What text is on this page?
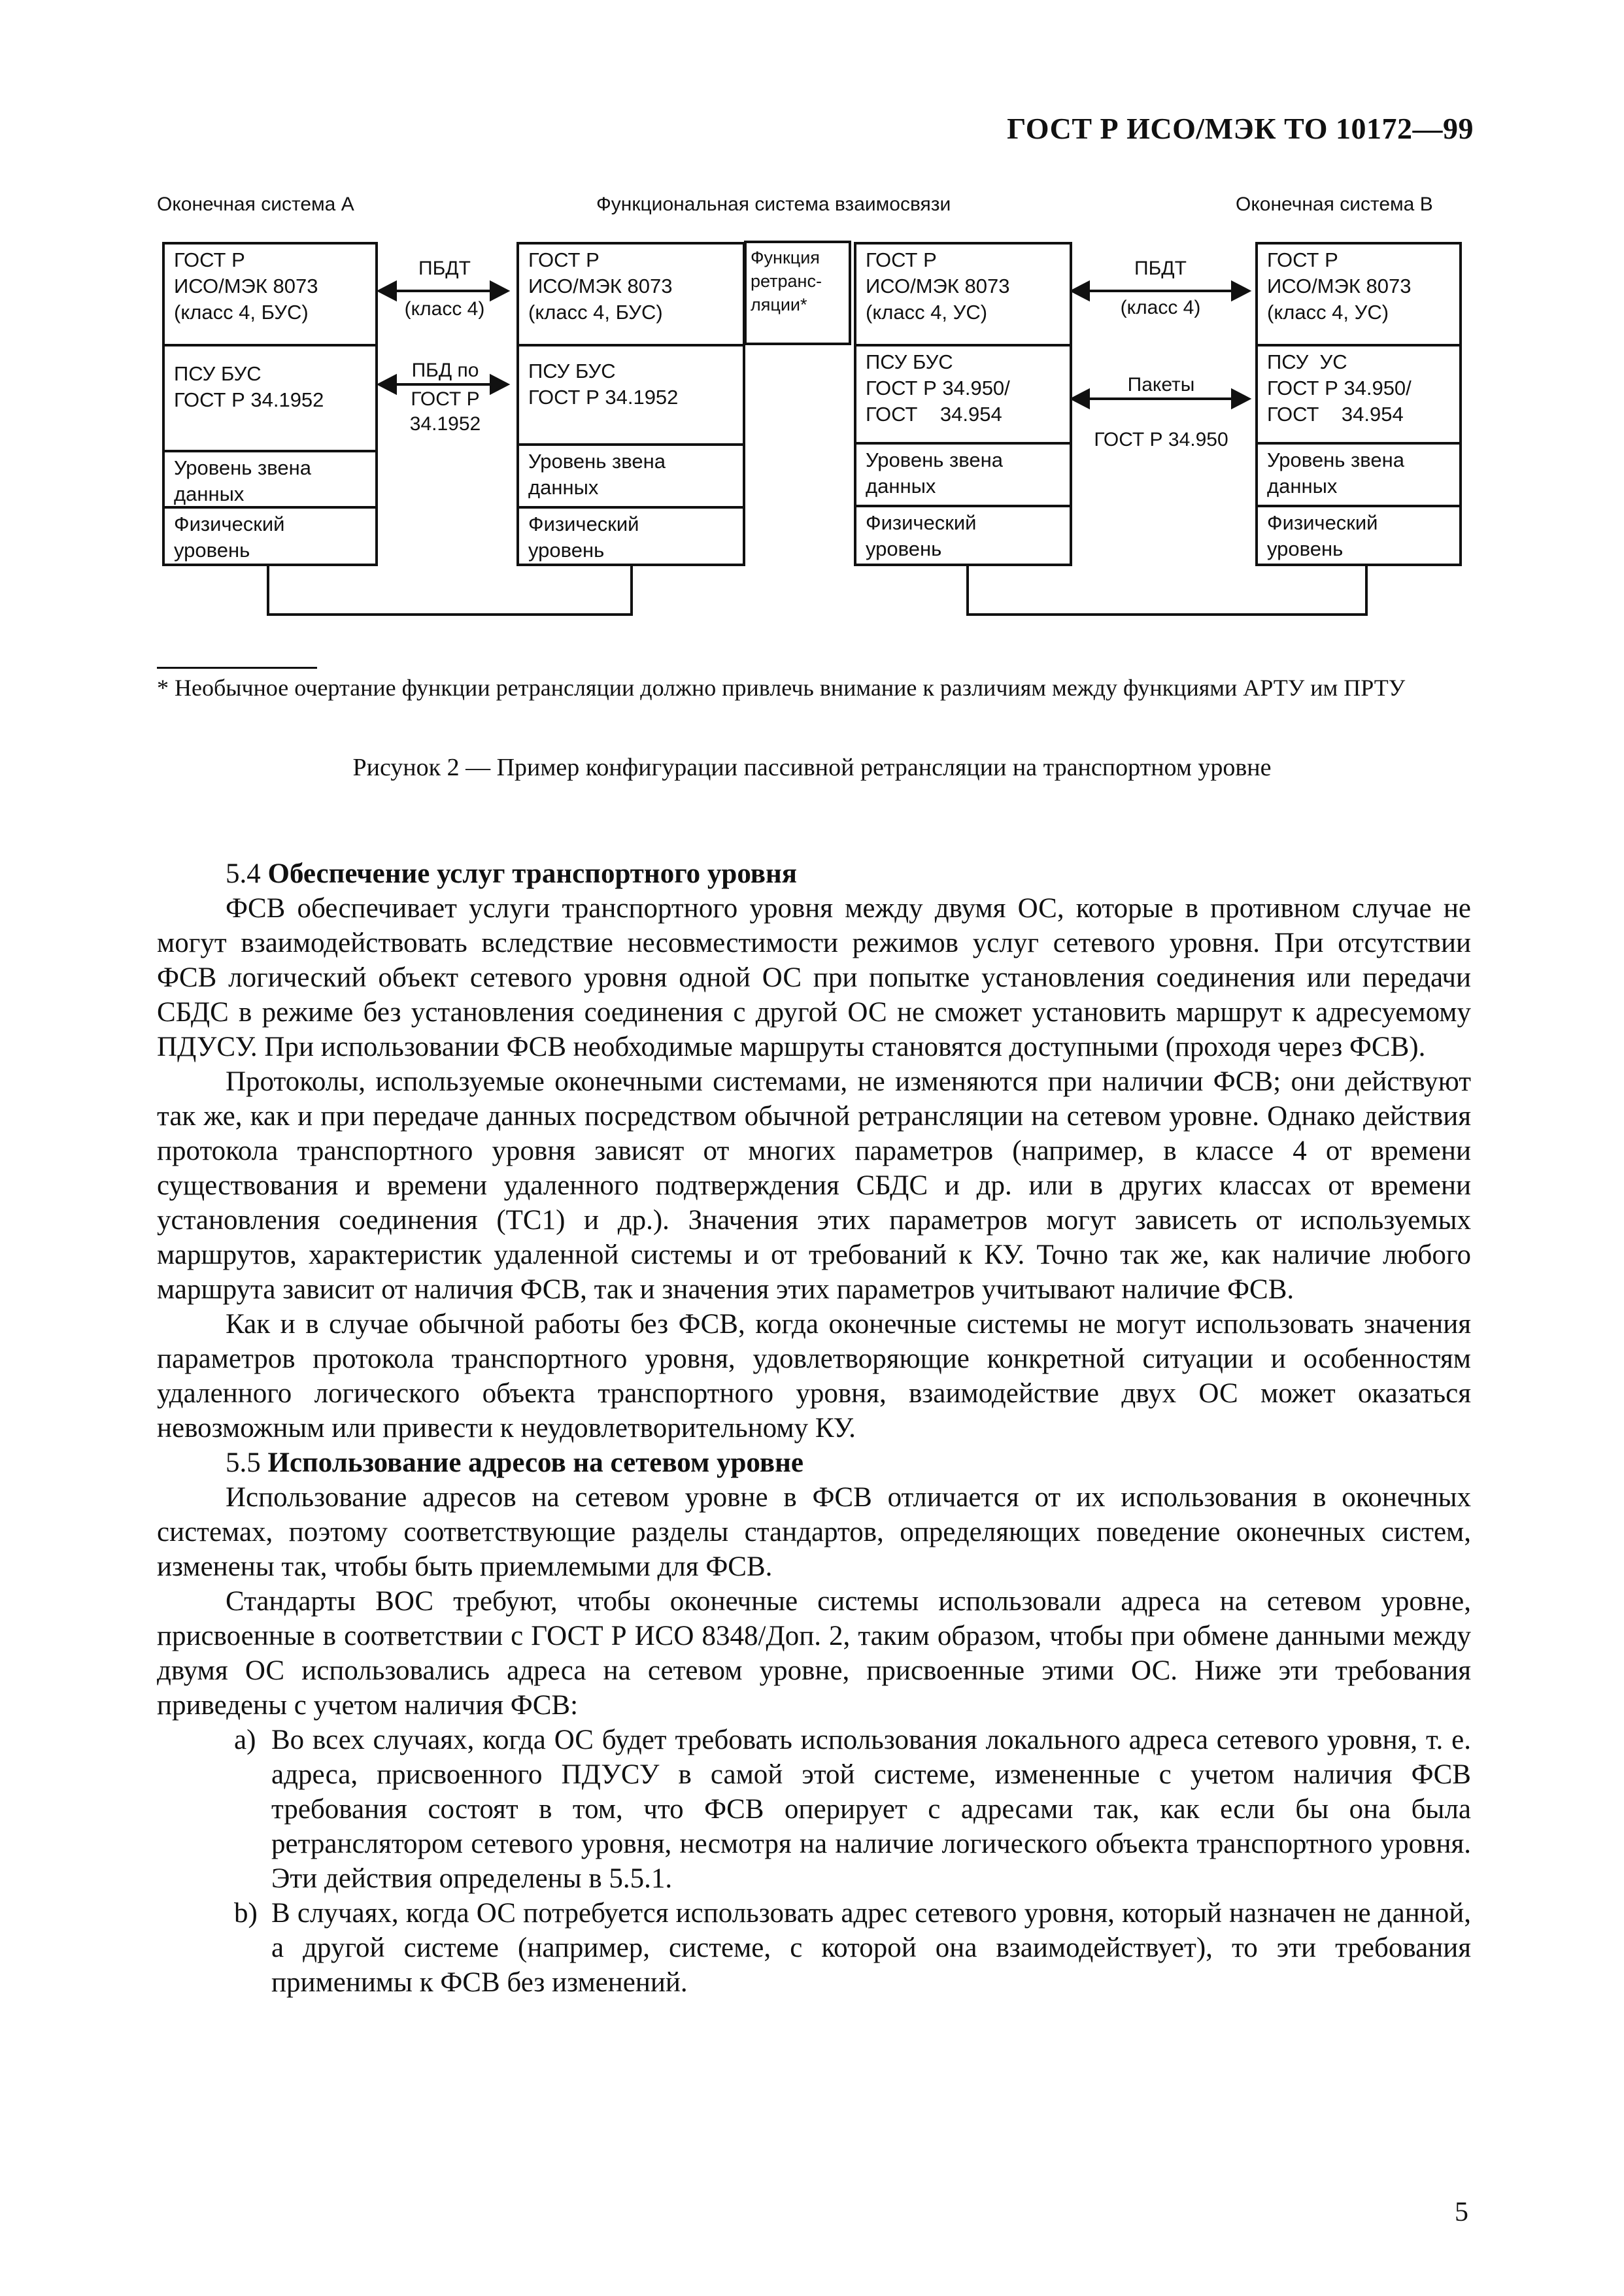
ГОСТ Р ИСО/МЭК ТО 10172—99
Оконечная система А	Функциональная система взаимосвязи	Оконечная система В
ГОСТ Р
ИСО/МЭК 8073
(класс 4, БУС)
ПСУ БУС
ГОСТ Р 34.1952
Уровень звена
данных
Физический
уровень
ГОСТ Р
ИСО/МЭК 8073
(класс 4, БУС)
ПСУ БУС
ГОСТ Р 34.1952
Уровень звена
данных
Физический
уровень
Функция
ретранс-
ляции*
ГОСТ Р
ИСО/МЭК 8073
(класс 4, УС)
ПСУ БУС
ГОСТ Р 34.950/
ГОСТ    34.954
Уровень звена
данных
Физический
уровень
ГОСТ Р
ИСО/МЭК 8073
(класс 4, УС)
ПСУ  УС
ГОСТ Р 34.950/
ГОСТ    34.954
Уровень звена
данных
Физический
уровень
ПБДТ
(класс 4)
ПБД по
ГОСТ Р
34.1952
ПБДТ
(класс 4)
Пакеты
ГОСТ Р 34.950
* Необычное очертание функции ретрансляции должно привлечь внимание к различиям между функциями АРТУ им ПРТУ
Рисунок 2 — Пример конфигурации пассивной ретрансляции на транспортном уровне

5.4 Обеспечение услуг транспортного уровня

ФСВ обеспечивает услуги транспортного уровня между двумя ОС, которые в противном случае не могут взаимодействовать вследствие несовместимости режимов услуг сетевого уровня. При отсутствии ФСВ логический объект сетевого уровня одной ОС при попытке установления соединения или передачи СБДС в режиме без установления соединения с другой ОС не сможет установить маршрут к адресуемому ПДУСУ. При использовании ФСВ необходимые маршруты становятся доступными (проходя через ФСВ).

Протоколы, используемые оконечными системами, не изменяются при наличии ФСВ; они действуют так же, как и при передаче данных посредством обычной ретрансляции на сетевом уровне. Однако действия протокола транспортного уровня зависят от многих параметров (например, в классе 4 от времени существования и времени удаленного подтверждения СБДС и др. или в других классах от времени установления соединения (ТС1) и др.). Значения этих параметров могут зависеть от используемых маршрутов, характеристик удаленной системы и от требований к КУ. Точно так же, как наличие любого маршрута зависит от наличия ФСВ, так и значения этих параметров учитывают наличие ФСВ.

Как и в случае обычной работы без ФСВ, когда оконечные системы не могут использовать значения параметров протокола транспортного уровня, удовлетворяющие конкретной ситуации и особенностям удаленного логического объекта транспортного уровня, взаимодействие двух ОС может оказаться невозможным или привести к неудовлетворительному КУ.

5.5 Использование адресов на сетевом уровне

Использование адресов на сетевом уровне в ФСВ отличается от их использования в оконечных системах, поэтому соответствующие разделы стандартов, определяющих поведение оконечных систем, изменены так, чтобы быть приемлемыми для ФСВ.

Стандарты ВОС требуют, чтобы оконечные системы использовали адреса на сетевом уровне, присвоенные в соответствии с ГОСТ Р ИСО 8348/Доп. 2, таким образом, чтобы при обмене данными между двумя ОС использовались адреса на сетевом уровне, присвоенные этими ОС. Ниже эти требования приведены с учетом наличия ФСВ:

a) Во всех случаях, когда ОС будет требовать использования локального адреса сетевого уровня, т. е. адреса, присвоенного ПДУСУ в самой этой системе, измененные с учетом наличия ФСВ требования состоят в том, что ФСВ оперирует с адресами так, как если бы она была ретранслятором сетевого уровня, несмотря на наличие логического объекта транспортного уровня. Эти действия определены в 5.5.1.

b) В случаях, когда ОС потребуется использовать адрес сетевого уровня, который назначен не данной, а другой системе (например, системе, с которой она взаимодействует), то эти требования применимы к ФСВ без изменений.

5
